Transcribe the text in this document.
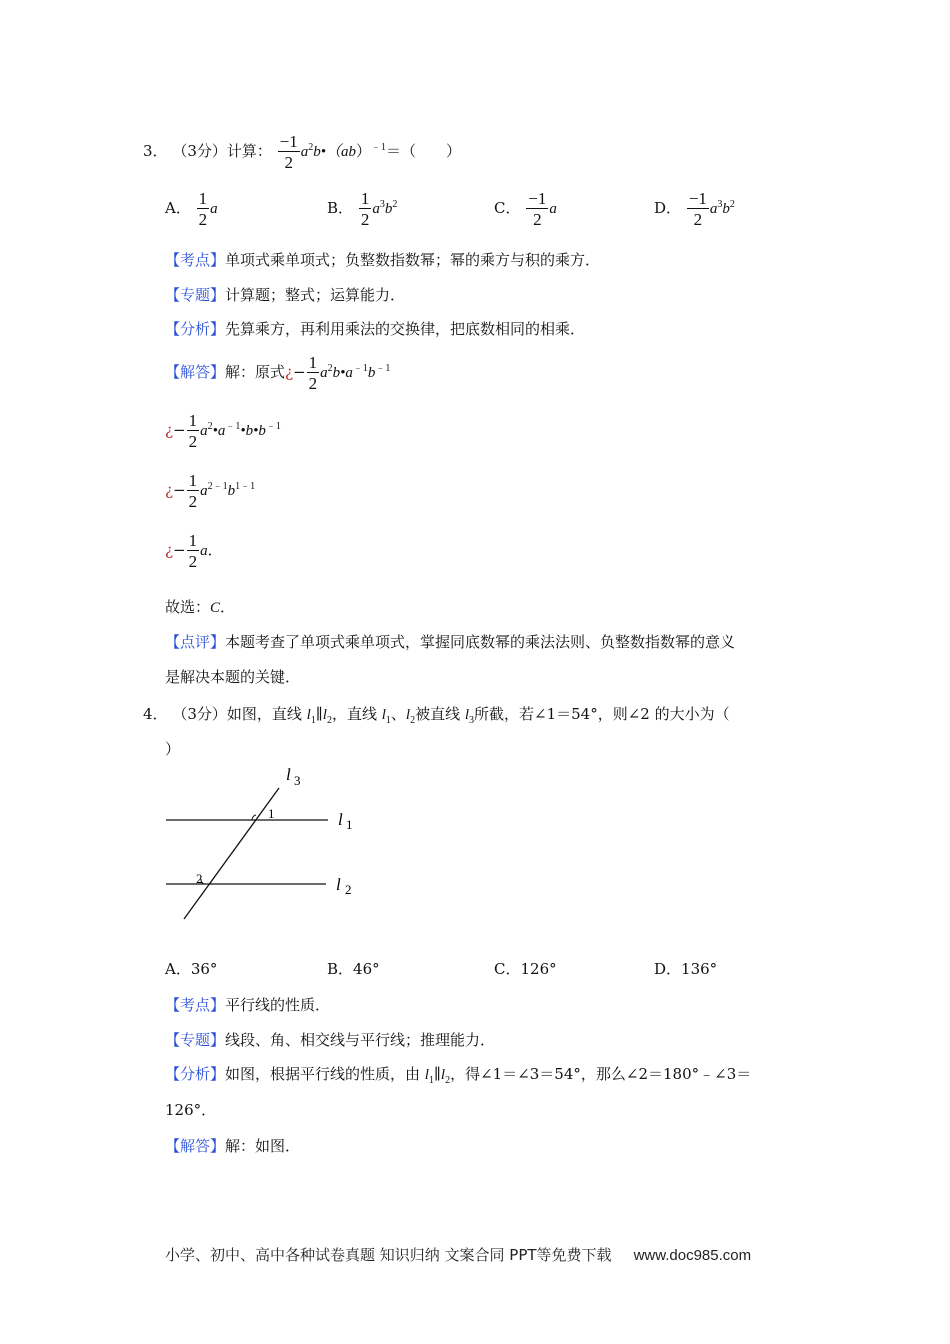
3． （3分）计算： $\frac{-1}{2}$ $a^2b•(ab)^{﹣1}=$（　　）
A． $\frac{1}{2}$ a	B． $\frac{1}{2} a^3b^2$	C． $\frac{-1}{2}$ a	D． $\frac{-1}{2} a^3b^2$
【考点】单项式乘单项式；负整数指数幂；幂的乘方与积的乘方．
【专题】计算题；整式；运算能力．
【分析】先算乘方，再利用乘法的交换律，把底数相同的相乘．
【解答】解：原式¿− $\frac{1}{2}$ $a^2b•a^{﹣1}b^{﹣1}$
¿− $\frac{1}{2}$ $a^2•a^{﹣1}•b•b^{﹣1}$
¿− $\frac{1}{2} a^{2﹣1}b^{1﹣1}$
¿− $\frac{1}{2}$ a．
故选：C．
【点评】本题考查了单项式乘单项式，掌握同底数幂的乘法法则、负整数指数幂的意义
是解决本题的关键．
4． （3分）如图，直线 $l_1\parallel l_2$，直线 $l_1$、$l_2$被直线 $l_3$所截，若∠1＝54°，则∠2 的大小为（
）
1
2
l 3
l 1
l 2
A．36°	B．46°	C．126°	D．136°
【考点】平行线的性质．
【专题】线段、角、相交线与平行线；推理能力．
【分析】如图，根据平行线的性质，由 $l_1\parallel l_2$，得∠1＝∠3＝54°，那么∠2＝180°﹣∠3＝
126°．
【解答】解：如图．
小学、初中、高中各种试卷真题 知识归纳 文案合同 PPT等免费下载 www.doc985.com
